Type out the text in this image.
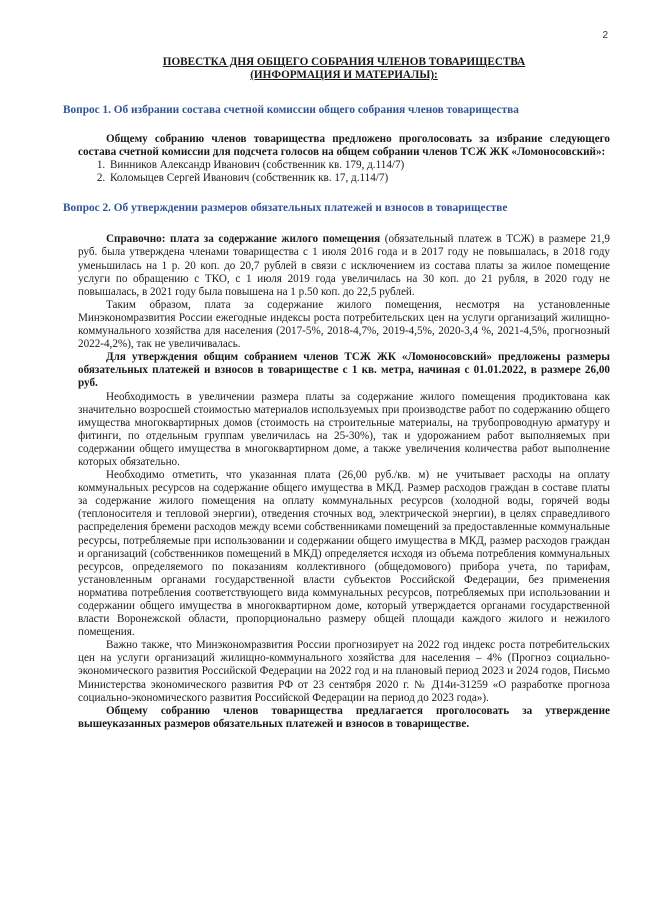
2
ПОВЕСТКА ДНЯ ОБЩЕГО СОБРАНИЯ ЧЛЕНОВ ТОВАРИЩЕСТВА
(ИНФОРМАЦИЯ И МАТЕРИАЛЫ):
Вопрос 1. Об избрании состава счетной комиссии общего собрания членов товарищества

Общему собранию членов товарищества предложено проголосовать за избрание следующего состава счетной комиссии для подсчета голосов на общем собрании членов ТСЖ ЖК «Ломоносовский»:

1. Винников Александр Иванович (собственник кв. 179, д.114/7)
2. Коломыцев Сергей Иванович (собственник кв. 17, д.114/7)
Вопрос 2. Об утверждении размеров обязательных платежей и взносов в товариществе

Справочно: плата за содержание жилого помещения (обязательный платеж в ТСЖ) в размере 21,9 руб. была утверждена членами товарищества с 1 июля 2016 года и в 2017 году не повышалась, в 2018 году уменьшилась на 1 р. 20 коп. до 20,7 рублей в связи с исключением из состава платы за жилое помещение услуги по обращению с ТКО, с 1 июля 2019 года увеличилась на 30 коп. до 21 рубля, в 2020 году не повышалась, в 2021 году была повышена на 1 р.50 коп. до 22,5 рублей.

Таким образом, плата за содержание жилого помещения, несмотря на установленные Минэкономразвития России ежегодные индексы роста потребительских цен на услуги организаций жилищно-коммунального хозяйства для населения (2017-5%, 2018-4,7%, 2019-4,5%, 2020-3,4 %, 2021-4,5%, прогнозный 2022-4,2%), так не увеличивалась.

Для утверждения общим собранием членов ТСЖ ЖК «Ломоносовский» предложены размеры обязательных платежей и взносов в товариществе с 1 кв. метра, начиная с 01.01.2022, в размере 26,00 руб.

Необходимость в увеличении размера платы за содержание жилого помещения продиктована как значительно возросшей стоимостью материалов используемых при производстве работ по содержанию общего имущества многоквартирных домов (стоимость на строительные материалы, на трубопроводную арматуру и фитинги, по отдельным группам увеличилась на 25-30%), так и удорожанием работ выполняемых при содержании общего имущества в многоквартирном доме, а также увеличения количества работ выполнение которых обязательно.

Необходимо отметить, что указанная плата (26,00 руб./кв. м) не учитывает расходы на оплату коммунальных ресурсов на содержание общего имущества в МКД. Размер расходов граждан в составе платы за содержание жилого помещения на оплату коммунальных ресурсов (холодной воды, горячей воды (теплоносителя и тепловой энергии), отведения сточных вод, электрической энергии), в целях справедливого распределения бремени расходов между всеми собственниками помещений за предоставленные коммунальные ресурсы, потребляемые при использовании и содержании общего имущества в МКД, размер расходов граждан и организаций (собственников помещений в МКД) определяется исходя из объема потребления коммунальных ресурсов, определяемого по показаниям коллективного (общедомового) прибора учета, по тарифам, установленным органами государственной власти субъектов Российской Федерации, без применения норматива потребления соответствующего вида коммунальных ресурсов, потребляемых при использовании и содержании общего имущества в многоквартирном доме, который утверждается органами государственной власти Воронежской области, пропорционально размеру общей площади каждого жилого и нежилого помещения.

Важно также, что Минэкономразвития России прогнозирует на 2022 год индекс роста потребительских цен на услуги организаций жилищно-коммунального хозяйства для населения – 4% (Прогноз социально-экономического развития Российской Федерации на 2022 год и на плановый период 2023 и 2024 годов, Письмо Министерства экономического развития РФ от 23 сентября 2020 г. № Д14и-31259 «О разработке прогноза социально-экономического развития Российской Федерации на период до 2023 года»).

Общему собранию членов товарищества предлагается проголосовать за утверждение вышеуказанных размеров обязательных платежей и взносов в товариществе.
